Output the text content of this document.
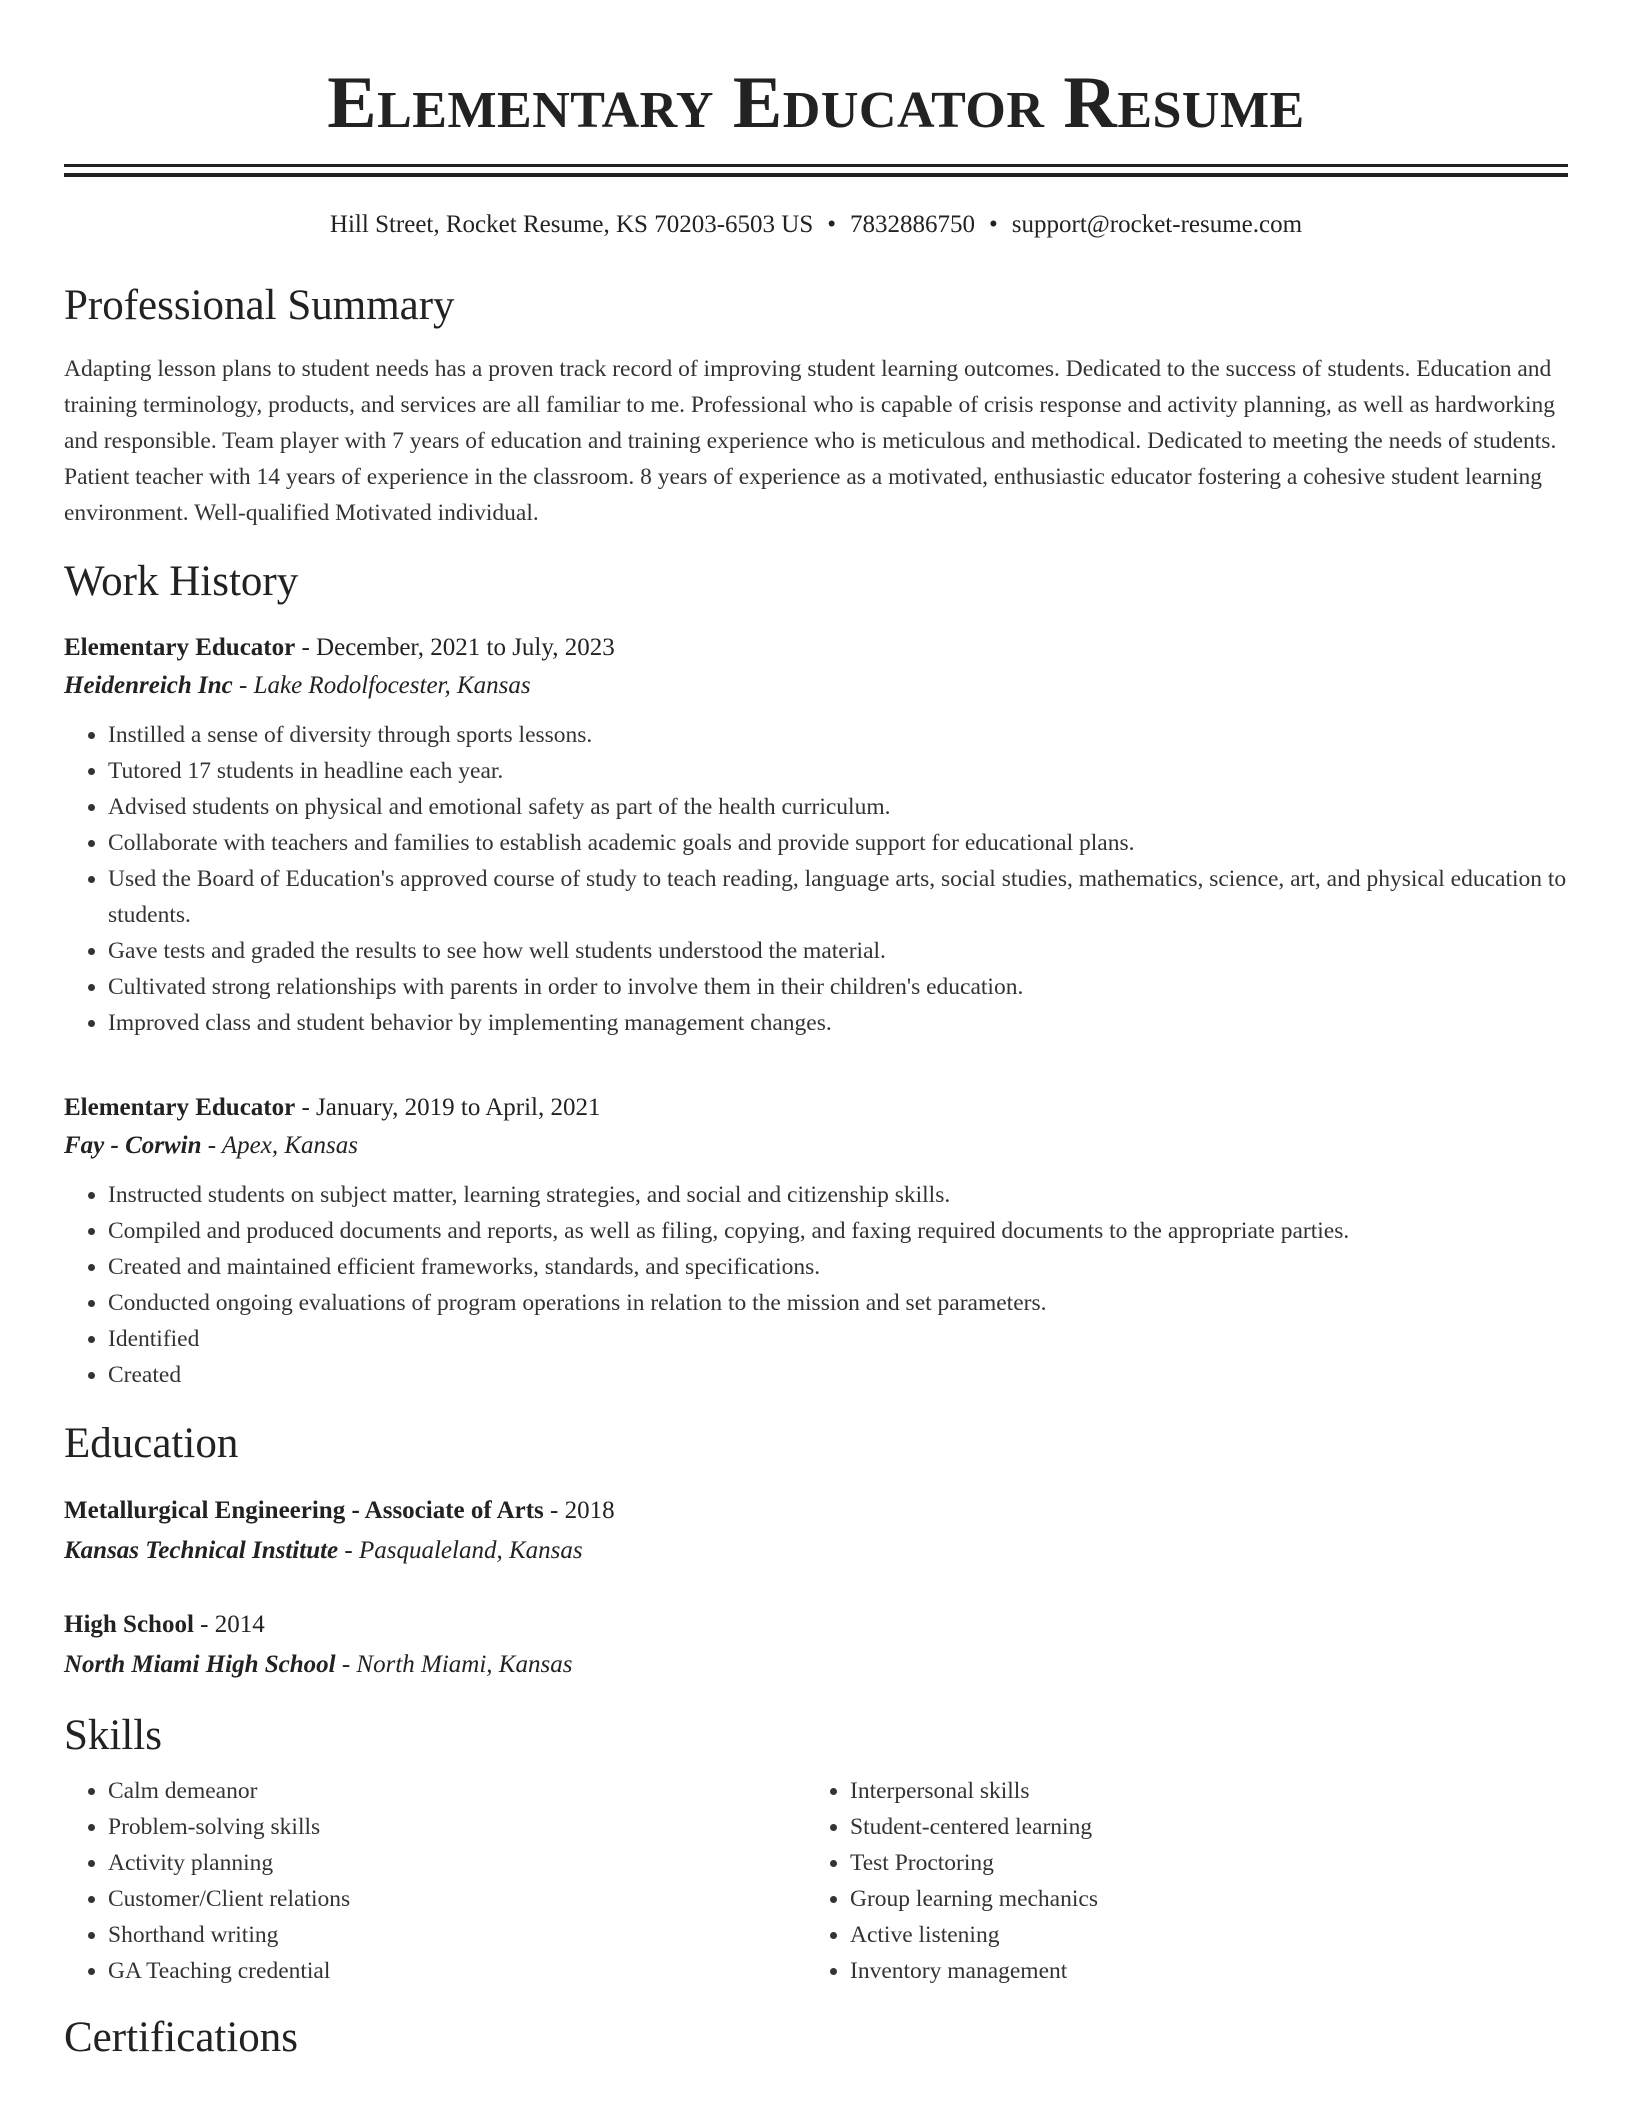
Elementary Educator Resume
Hill Street, Rocket Resume, KS 70203-6503 US • 7832886750 • support@rocket-resume.com
Professional Summary
Adapting lesson plans to student needs has a proven track record of improving student learning outcomes. Dedicated to the success of students. Education and training terminology, products, and services are all familiar to me. Professional who is capable of crisis response and activity planning, as well as hardworking and responsible. Team player with 7 years of education and training experience who is meticulous and methodical. Dedicated to meeting the needs of students. Patient teacher with 14 years of experience in the classroom. 8 years of experience as a motivated, enthusiastic educator fostering a cohesive student learning environment. Well-qualified Motivated individual.
Work History
Elementary Educator - December, 2021 to July, 2023
Heidenreich Inc - Lake Rodolfocester, Kansas
• Instilled a sense of diversity through sports lessons.
• Tutored 17 students in headline each year.
• Advised students on physical and emotional safety as part of the health curriculum.
• Collaborate with teachers and families to establish academic goals and provide support for educational plans.
• Used the Board of Education's approved course of study to teach reading, language arts, social studies, mathematics, science, art, and physical education to students.
• Gave tests and graded the results to see how well students understood the material.
• Cultivated strong relationships with parents in order to involve them in their children's education.
• Improved class and student behavior by implementing management changes.
Elementary Educator - January, 2019 to April, 2021
Fay - Corwin - Apex, Kansas
• Instructed students on subject matter, learning strategies, and social and citizenship skills.
• Compiled and produced documents and reports, as well as filing, copying, and faxing required documents to the appropriate parties.
• Created and maintained efficient frameworks, standards, and specifications.
• Conducted ongoing evaluations of program operations in relation to the mission and set parameters.
• Identified
• Created
Education
Metallurgical Engineering - Associate of Arts - 2018
Kansas Technical Institute - Pasqualeland, Kansas
High School - 2014
North Miami High School - North Miami, Kansas
Skills
• Calm demeanor
• Problem-solving skills
• Activity planning
• Customer/Client relations
• Shorthand writing
• GA Teaching credential
• Interpersonal skills
• Student-centered learning
• Test Proctoring
• Group learning mechanics
• Active listening
• Inventory management
Certifications
